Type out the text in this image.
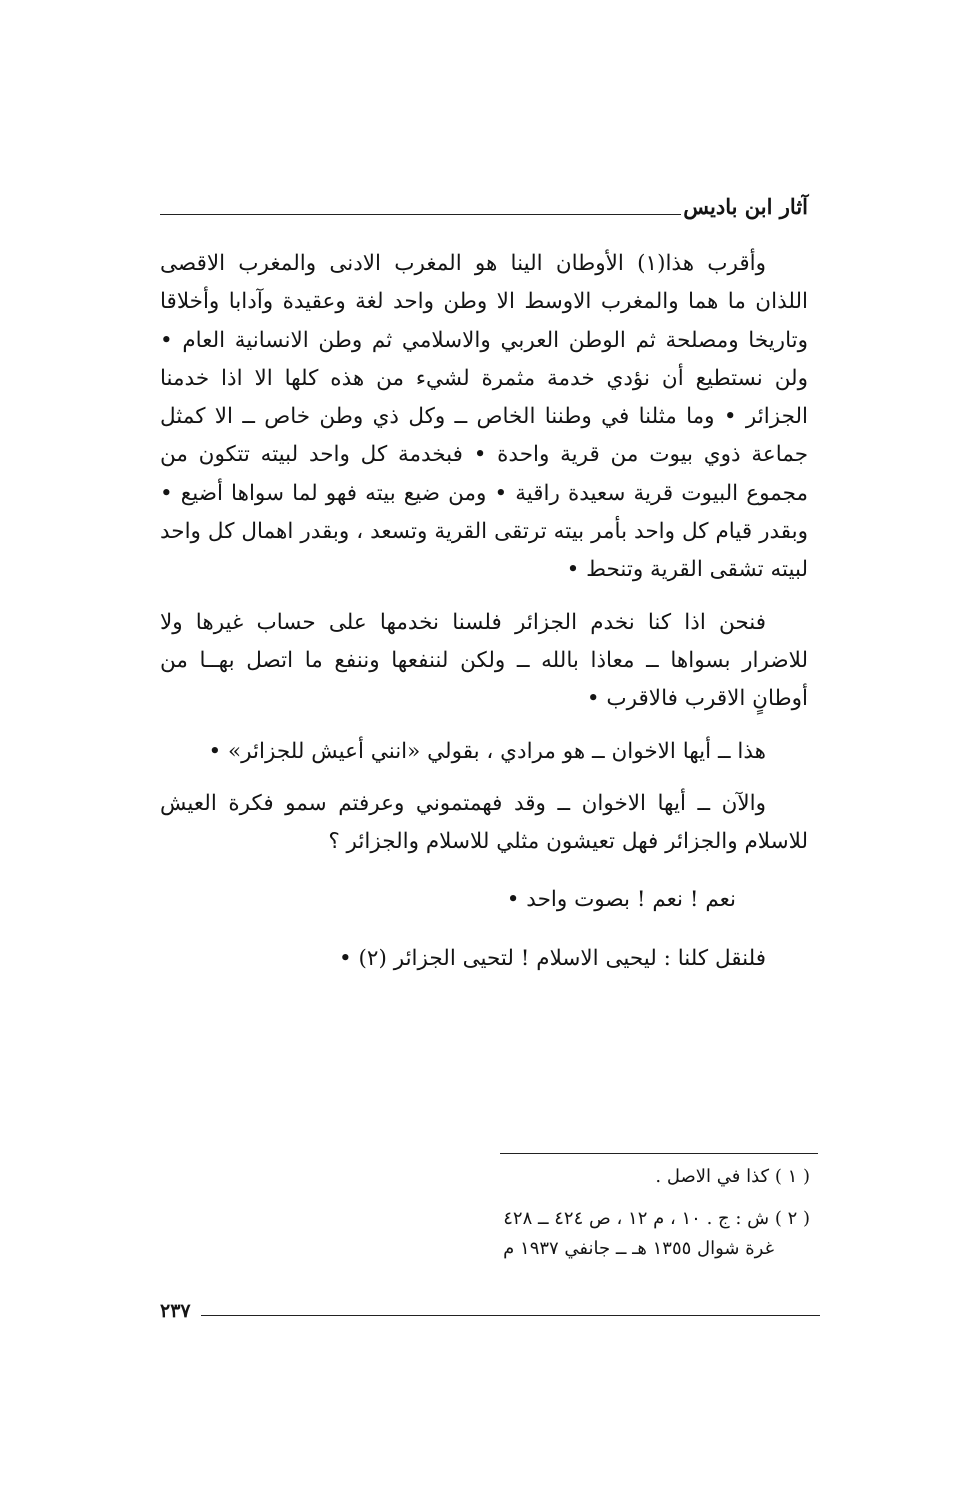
آثار ابن باديس

وأقرب هذا(١) الأوطان الينا هو المغرب الادنى والمغرب الاقصى اللذان ما هما والمغرب الاوسط الا وطن واحد لغة وعقيدة وآدابا وأخلاقا وتاريخا ومصلحة ثم الوطن العربي والاسلامي ثم وطن الانسانية العام • ولن نستطيع أن نؤدي خدمة مثمرة لشيء من هذه كلها الا اذا خدمنا الجزائر • وما مثلنا في وطننا الخاص ــ وكل ذي وطن خاص ــ الا كمثل جماعة ذوي بيوت من قرية واحدة • فبخدمة كل واحد لبيته تتكون من مجموع البيوت قرية سعيدة راقية • ومن ضيع بيته فهو لما سواها أضيع • وبقدر قيام كل واحد بأمر بيته ترتقى القرية وتسعد ، وبقدر اهمال كل واحد لبيته تشقى القرية وتنحط •

فنحن اذا كنا نخدم الجزائر فلسنا نخدمها على حساب غيرها ولا للاضرار بسواها ــ معاذا بالله ــ ولكن لننفعها وننفع ما اتصل بهــا من أوطانٍ الاقرب فالاقرب •

هذا ــ أيها الاخوان ــ هو مرادي ، بقولي «انني أعيش للجزائر» •

والآن ــ أيها الاخوان ــ وقد فهمتموني وعرفتم سمو فكرة العيش للاسلام والجزائر فهل تعيشون مثلي للاسلام والجزائر ؟

نعم ! نعم ! بصوت واحد •

فلنقل كلنا : ليحيى الاسلام ! لتحيى الجزائر (٢) •

( ١ ) كذا في الاصل .

( ٢ ) ش : ج . ١٠ ، م ١٢ ، ص ٤٢٤ ــ ٤٢٨

غرة شوال ١٣٥٥ هـ ــ جانفي ١٩٣٧ م

٢٣٧
